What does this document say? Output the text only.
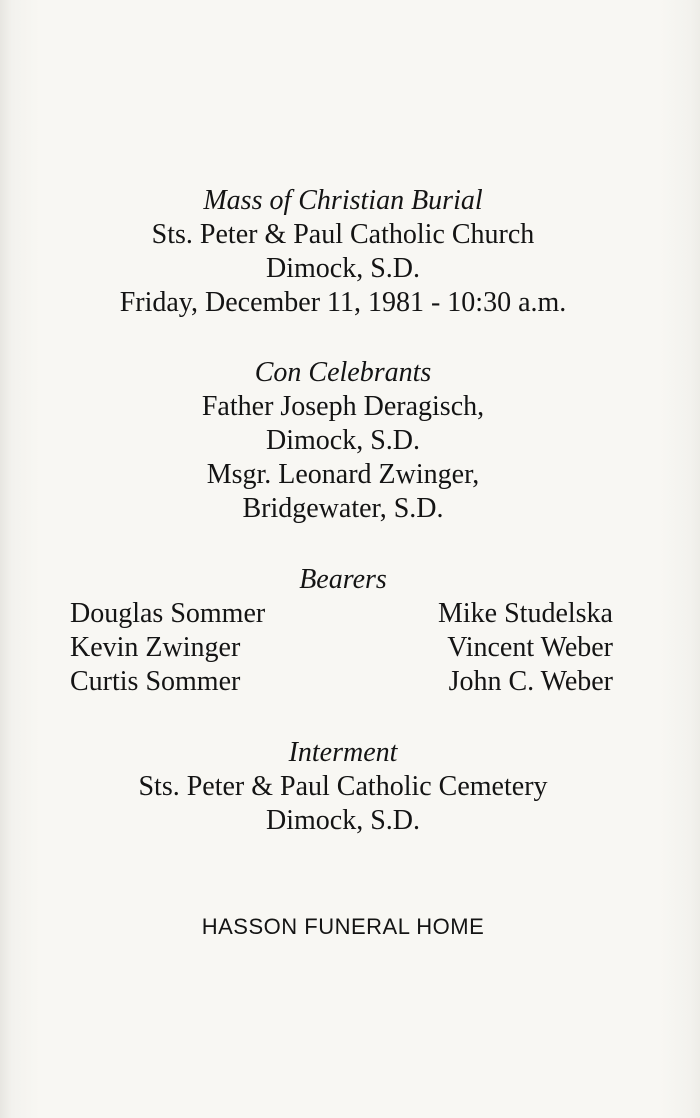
Mass of Christian Burial
Sts. Peter & Paul Catholic Church
Dimock, S.D.
Friday, December 11, 1981 - 10:30 a.m.
Con Celebrants
Father Joseph Deragisch,
Dimock, S.D.
Msgr. Leonard Zwinger,
Bridgewater, S.D.
Bearers
Douglas Sommer
Kevin Zwinger
Curtis Sommer
Mike Studelska
Vincent Weber
John C. Weber
Interment
Sts. Peter & Paul Catholic Cemetery
Dimock, S.D.
HASSON FUNERAL HOME
